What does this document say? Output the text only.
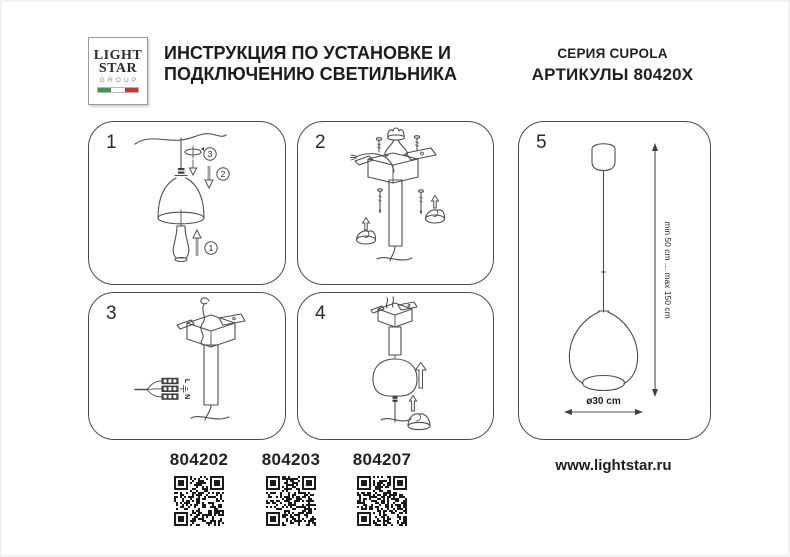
LIGHT
STAR
GROUP
ИНСТРУКЦИЯ ПО УСТАНОВКЕ И
ПОДКЛЮЧЕНИЮ СВЕТИЛЬНИКА
СЕРИЯ CUPOLA
АРТИКУЛЫ 80420X
1
3
2
1
2
3
L
N
4
5
min 50 cm ... max 150 cm
ø30 cm
804202	804203	804207	www.lightstar.ru
